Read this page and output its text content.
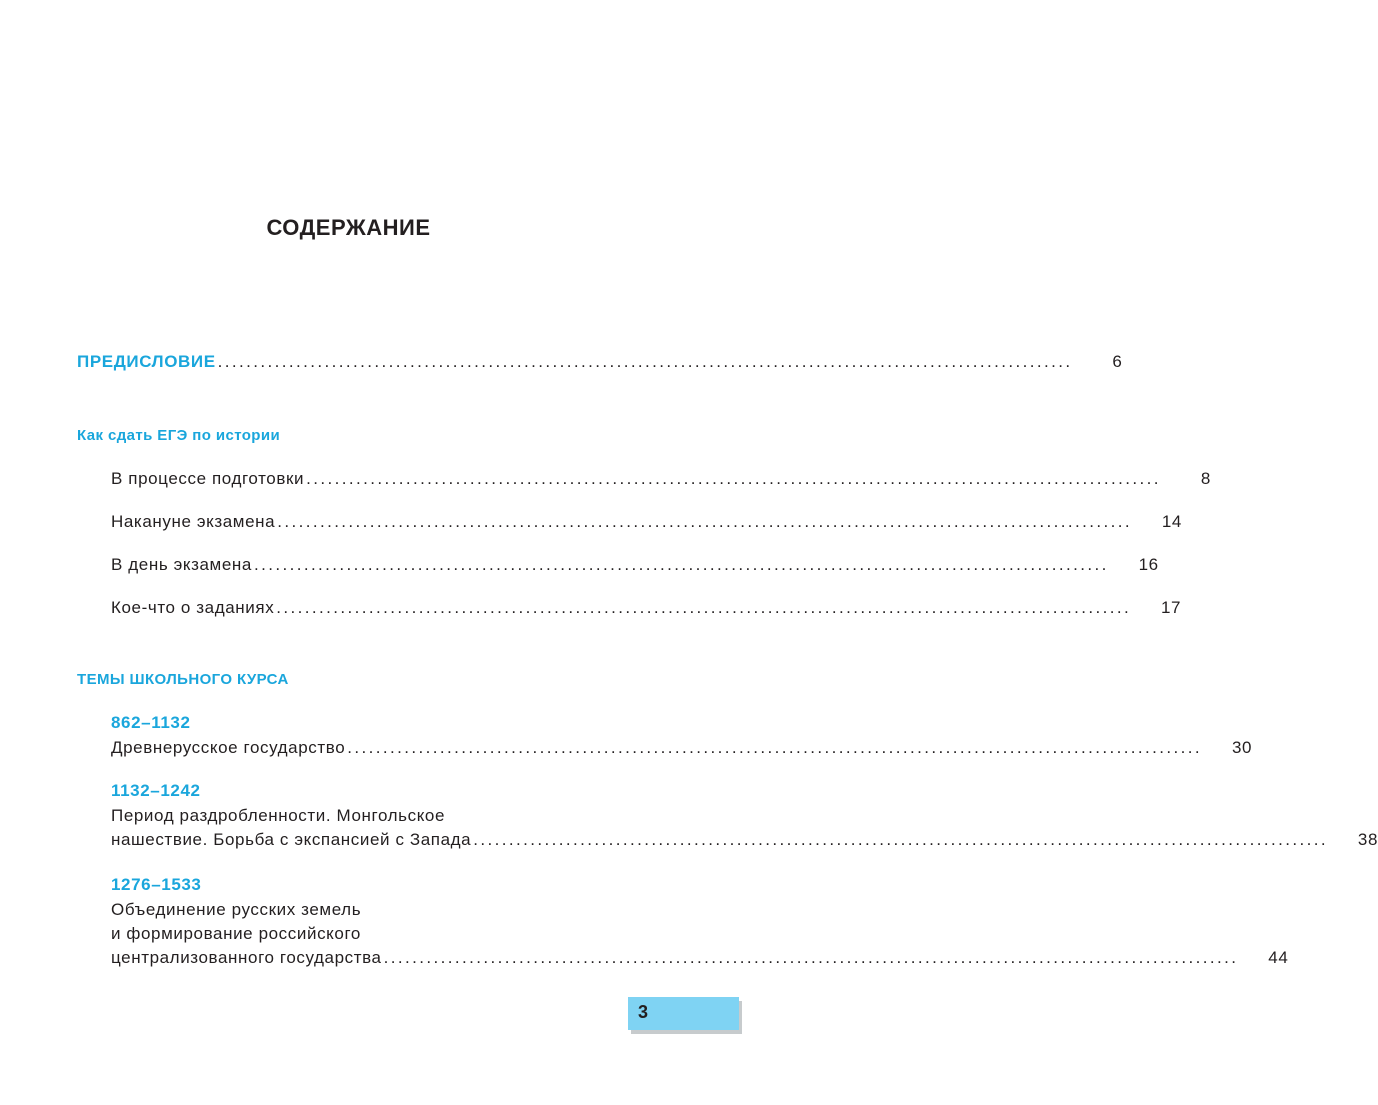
СОДЕРЖАНИЕ
ПРЕДИСЛОВИЕ ........................................................................................................................	6
Как сдать ЕГЭ по истории
В процессе подготовки ........................................................................................................................	8
Накануне экзамена ........................................................................................................................	14
В день экзамена ........................................................................................................................	16
Кое-что о заданиях ........................................................................................................................	17
ТЕМЫ ШКОЛЬНОГО КУРСА
862–1132
Древнерусское государство ........................................................................................................................	30
1132–1242
Период раздробленности. Монгольское
нашествие. Борьба с экспансией с Запада ........................................................................................................................	38
1276–1533
Объединение русских земель
и формирование российского
централизованного государства ........................................................................................................................	44
3
